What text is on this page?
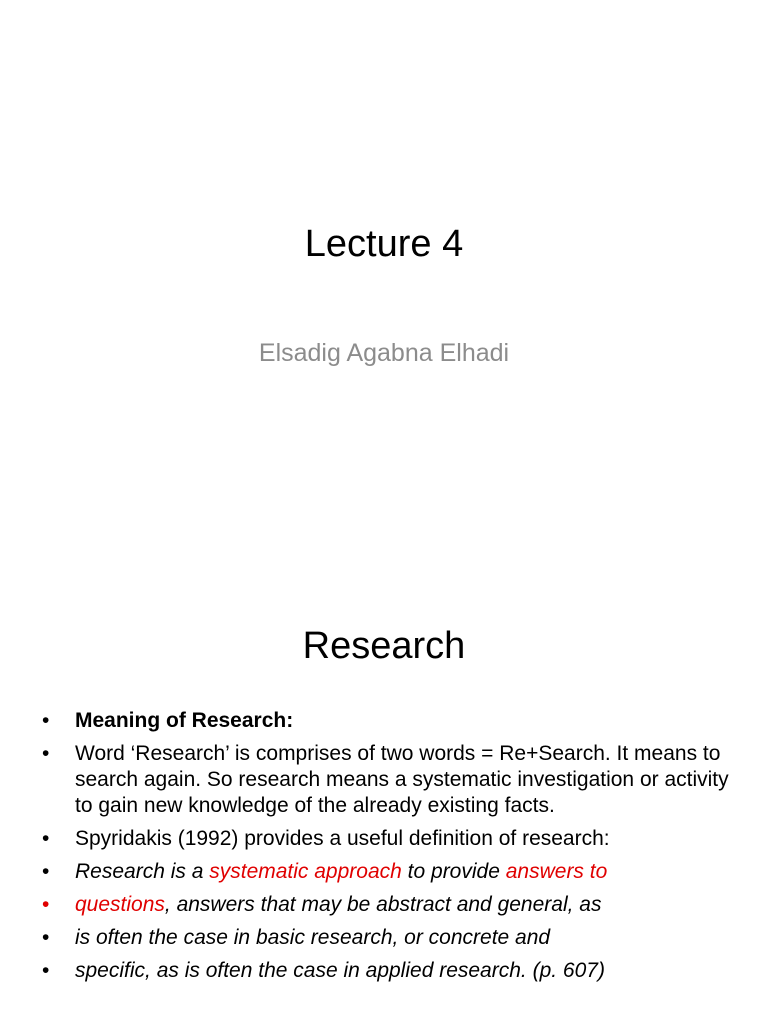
Lecture 4
Elsadig Agabna Elhadi
Research
•	Meaning of Research:
•	Word ‘Research’ is comprises of two words = Re+Search. It means to search again. So research means a systematic investigation or activity to gain new knowledge of the already existing facts.
•	Spyridakis (1992) provides a useful definition of research:
•	Research is a systematic approach to provide answers to
•	questions, answers that may be abstract and general, as
•	is often the case in basic research, or concrete and
•	specific, as is often the case in applied research. (p. 607)
